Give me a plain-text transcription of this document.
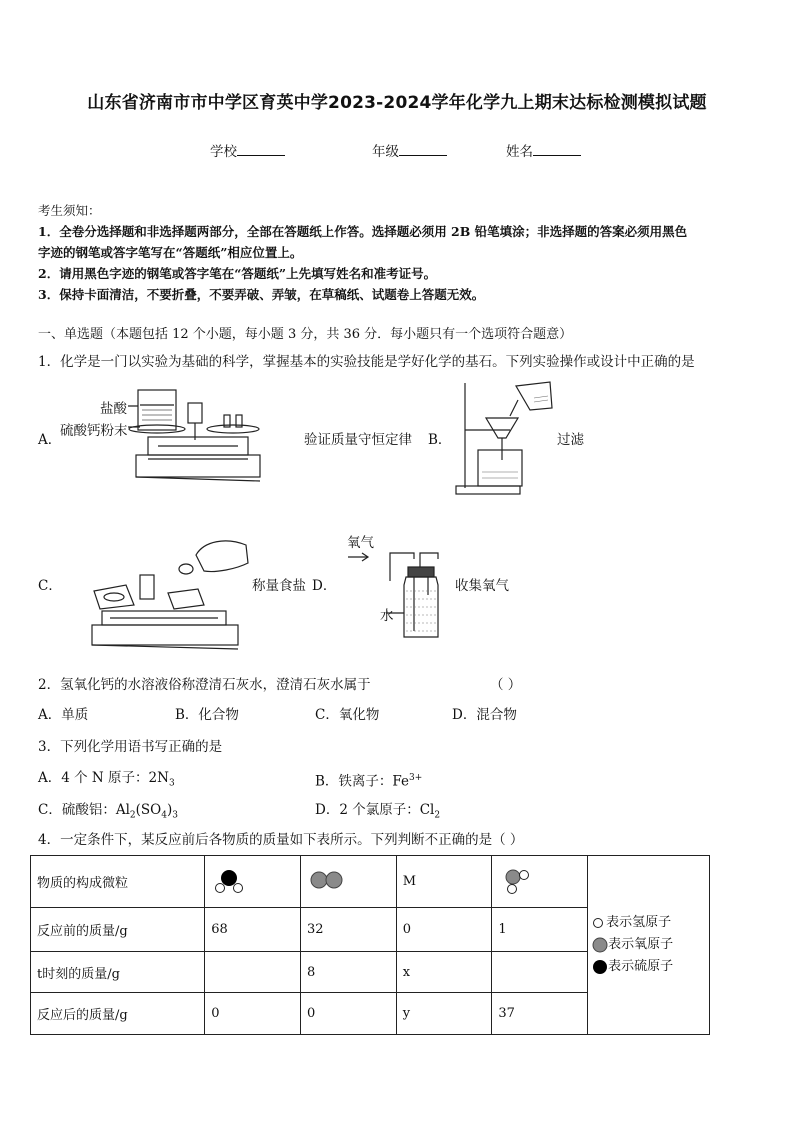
山东省济南市市中学区育英中学2023-2024学年化学九上期末达标检测模拟试题
学校	年级	姓名
考生须知：
1．全卷分选择题和非选择题两部分，全部在答题纸上作答。选择题必须用 2B 铅笔填涂；非选择题的答案必须用黑色
字迹的钢笔或答字笔写在“答题纸”相应位置上。
2．请用黑色字迹的钢笔或答字笔在“答题纸”上先填写姓名和准考证号。
3．保持卡面清洁，不要折叠，不要弄破、弄皱，在草稿纸、试题卷上答题无效。
一、单选题（本题包括 12 个小题，每小题 3 分，共 36 分．每小题只有一个选项符合题意）
1．化学是一门以实验为基础的科学，掌握基本的实验技能是学好化学的基石。下列实验操作或设计中正确的是
A．
盐酸
硫酸钙粉末
验证质量守恒定律 B．	过滤
C．	称量食盐 D．
氧气
水
收集氧气
2．氢氧化钙的水溶液俗称澄清石灰水，澄清石灰水属于	（ ）
A．单质	B．化合物	C．氧化物	D．混合物
3．下列化学用语书写正确的是
A．4 个 N 原子：$2N_3$	B．铁离子：$Fe^{3+}$
C．硫酸铝：$Al_2(SO_4)_3$	D．2 个氯原子：$Cl_2$
4．一定条件下，某反应前后各物质的质量如下表所示。下列判断不正确的是（ ）
物质的构成微粒			M		表示氢原子
表示氧原子
表示硫原子

反应前的质量/g	68	32	0	1	
t时刻的质量/g		8	x		
反应后的质量/g	0	0	y	37	
